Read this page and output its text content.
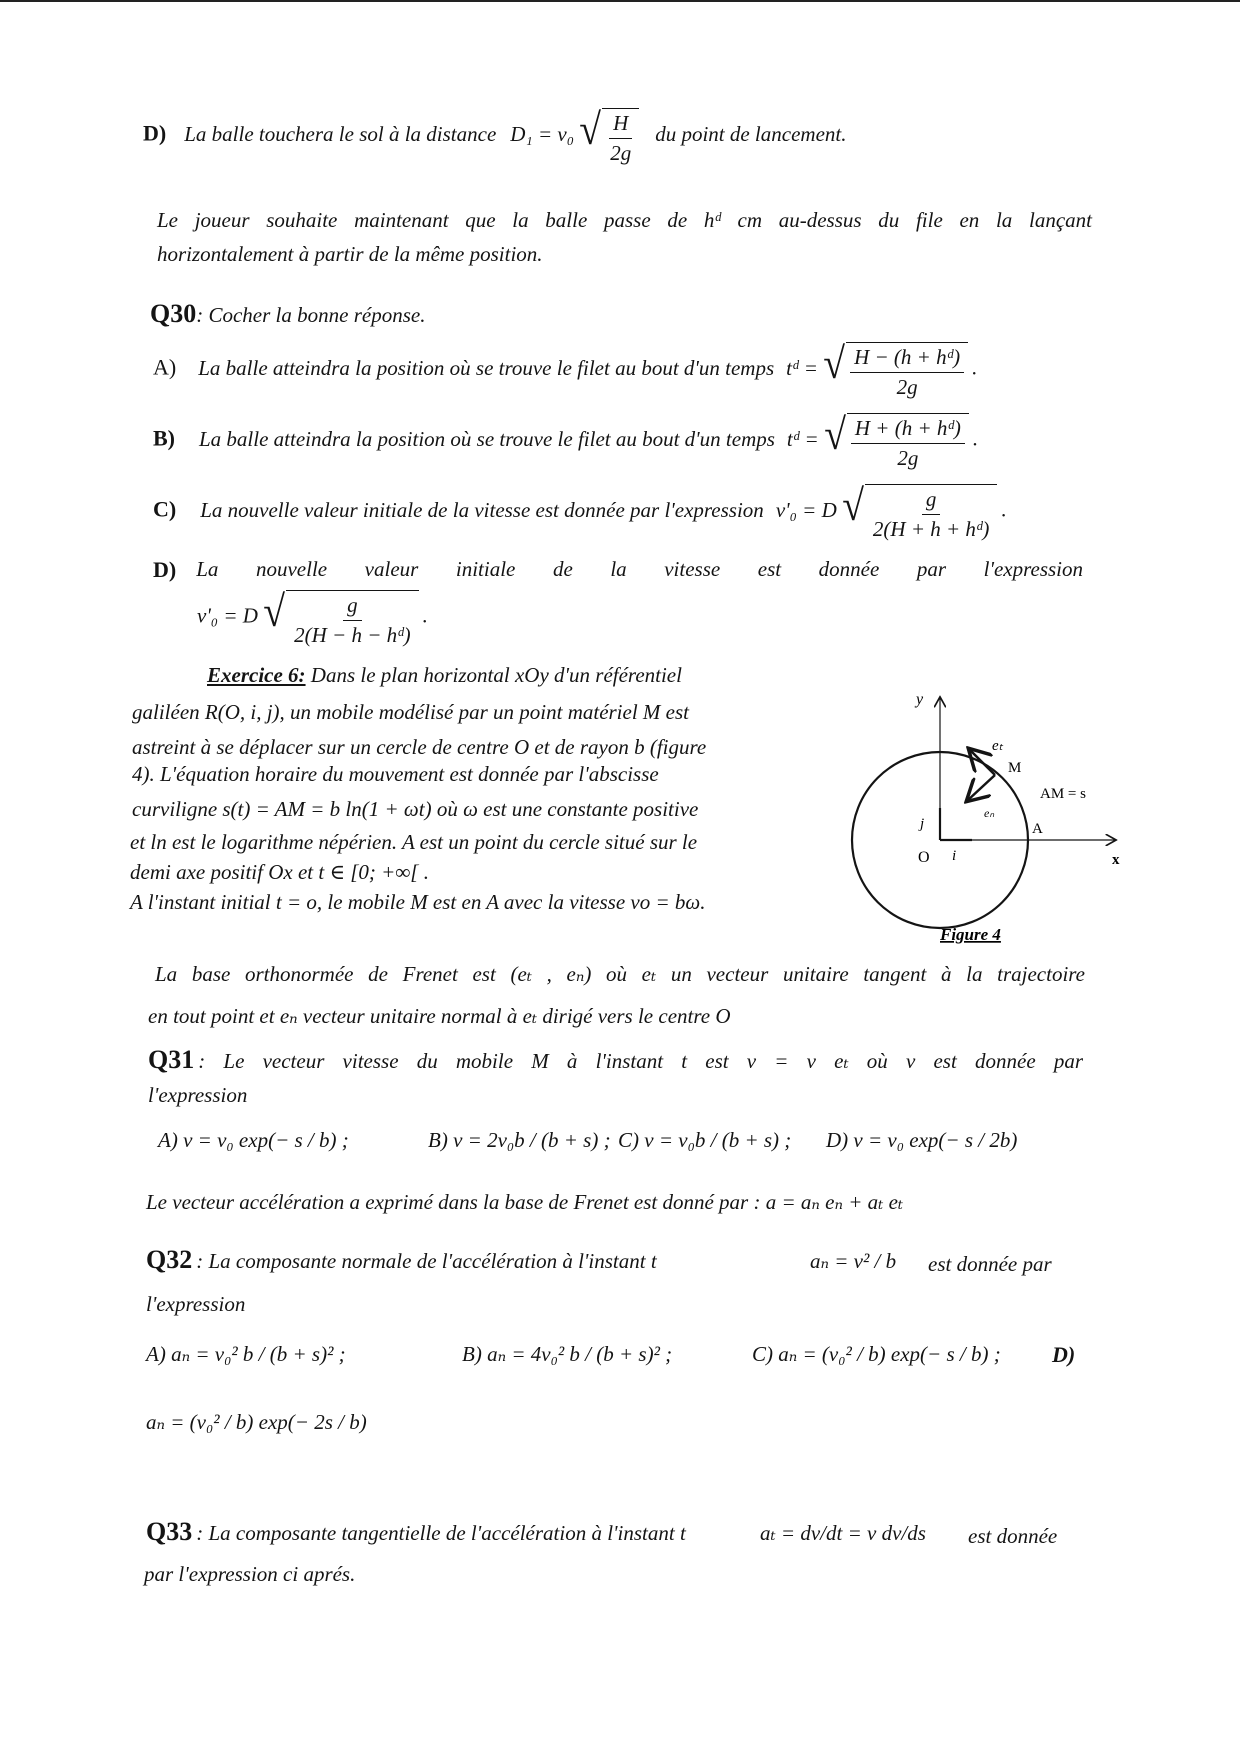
D) La balle touchera le sol à la distance D₁ = v₀ √ $\frac{H}{2g}$ du point de lancement.
Le joueur souhaite maintenant que la balle passe de hᵈ cm au-dessus du file en la lançant
horizontalement à partir de la même position.
Q30: Cocher la bonne réponse.
A) La balle atteindra la position où se trouve le filet au bout d'un temps tᵈ = √ $\frac{\text{H − (h + hᵈ)}}{2g}$ .
B) La balle atteindra la position où se trouve le filet au bout d'un temps tᵈ = √ $\frac{\text{H + (h + hᵈ)}}{2g}$ .
C) La nouvelle valeur initiale de la vitesse est donnée par l'expression v'₀ = D √ $\frac{g}{\text{2(H + h + hᵈ)}}$ .
D) La nouvelle valeur initiale de la vitesse est donnée par l'expression
v'₀ = D √ $\frac{g}{\text{2(H − h − hᵈ)}}$ .
Exercice 6: Dans le plan horizontal xOy d'un référentiel
galiléen R(O, i, j), un mobile modélisé par un point matériel M est
astreint à se déplacer sur un cercle de centre O et de rayon b (figure
4). L'équation horaire du mouvement est donnée par l'abscisse
curviligne s(t) = AM = b ln(1 + ωt) où ω est une constante positive
et ln est le logarithme népérien. A est un point du cercle situé sur le
demi axe positif Ox et t ∈ [0; +∞[ .
A l'instant initial t = o, le mobile M est en A avec la vitesse vo = bω.
y
x
O i
j	A
M
eₜ
eₙ
AM = s
Figure 4
La base orthonormée de Frenet est (eₜ , eₙ) où eₜ un vecteur unitaire tangent à la trajectoire
en tout point et eₙ vecteur unitaire normal à eₜ dirigé vers le centre O
Q31 : Le vecteur vitesse du mobile M à l'instant t est v = v eₜ où v est donnée par
l'expression
A) v = v₀ exp(− s / b) ;	B) v = 2v₀b / (b + s) ; C) v = v₀b / (b + s) ; D) v = v₀ exp(− s / 2b)
Le vecteur accélération a exprimé dans la base de Frenet est donné par : a = aₙ eₙ + aₜ eₜ
Q32 : La composante normale de l'accélération à l'instant t	aₙ = v² / b est donnée par
l'expression
A) aₙ = v₀² b / (b + s)² ;	B) aₙ = 4v₀² b / (b + s)² ;	C) aₙ = (v₀² / b) exp(− s / b) ; D)
aₙ = (v₀² / b) exp(− 2s / b)
Q33 : La composante tangentielle de l'accélération à l'instant t	aₜ = dv/dt = v dv/ds est donnée
par l'expression ci aprés.
